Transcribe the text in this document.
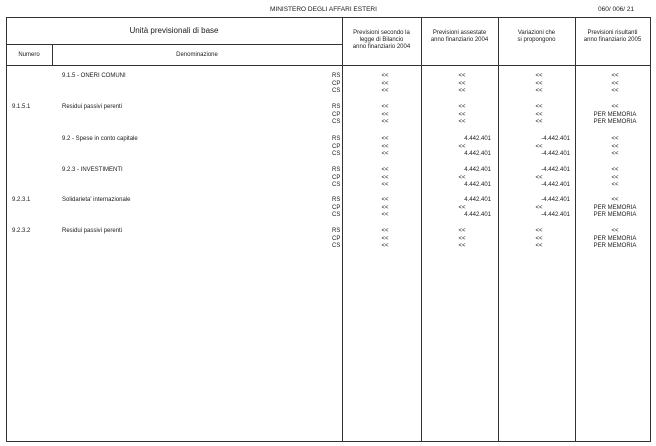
MINISTERO DEGLI AFFARI ESTERI	060/ 006/ 21
Unità previsionali di base
Numero	Denominazione
Previsioni secondo la
legge di Bilancio
anno finanziario 2004
Previsioni assestate
anno finanziario 2004
Variazioni che
si propongono
Previsioni risultanti
anno finanziario 2005
9.1.5 - ONERI COMUNI	RS	<<	<<	<<	<<
CP	<<	<<	<<	<<
CS	<<	<<	<<	<<
9.1.5.1	Residui passivi perenti	RS	<<	<<	<<	<<
CP	<<	<<	<<	PER MEMORIA
CS	<<	<<	<<	PER MEMORIA
9.2 - Spese in conto capitale	RS	<<	4.442.401	-4.442.401	<<
CP	<<	<<	<<	<<
CS	<<	4.442.401	-4.442.401	<<
9.2.3 - INVESTIMENTI	RS	<<	4.442.401	-4.442.401	<<
CP	<<	<<	<<	<<
CS	<<	4.442.401	-4.442.401	<<
9.2.3.1	Solidarieta' internazionale	RS	<<	4.442.401	-4.442.401	<<
CP	<<	<<	<<	PER MEMORIA
CS	<<	4.442.401	-4.442.401	PER MEMORIA
9.2.3.2	Residui passivi perenti	RS	<<	<<	<<	<<
CP	<<	<<	<<	PER MEMORIA
CS	<<	<<	<<	PER MEMORIA
